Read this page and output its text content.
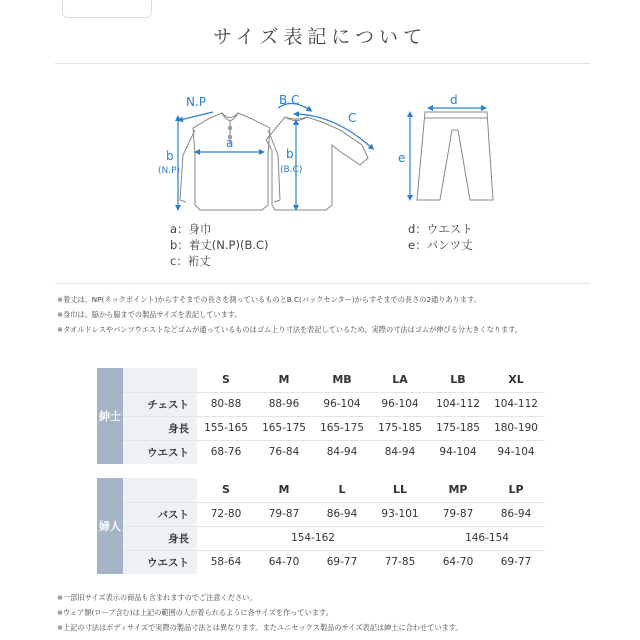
サイズ表記について
N.P
a
b
(N.P)
B.C
b
(B.C)
C
d
e
a：身巾
b：着丈(N.P)(B.C)
c：裄丈
d：ウエスト
e：パンツ丈
※着丈は、NP(ネックポイント)からすそまでの長さを測っているものとB.C(バックセンター)からすそまでの長さの2通りあります。
※身巾は、脇から脇までの製品サイズを表記しています。
※タオルドレスやパンツウエストなどゴムが通っているものはゴム上り寸法を表記しているため、実際の寸法はゴムが伸びる分大きくなります。
紳士		S	M	MB	LA	LB	XL
	チェスト	80-88	88-96	96-104	96-104	104-112	104-112
	身長	155-165	165-175	165-175	175-185	175-185	180-190
	ウエスト	68-76	76-84	84-94	84-94	94-104	94-104
婦人		S	M	L	LL	MP	LP
	バスト	72-80	79-87	86-94	93-101	79-87	86-94
	身長	154-162				146-154	
	ウエスト	58-64	64-70	69-77	77-85	64-70	69-77
※一部旧サイズ表示の商品も含まれますのでご注意ください。
※ウェア類(ローブ含む)は上記の範囲の人が着られるように各サイズを作っています。
※上記の寸法はボディサイズで実際の製品寸法とは異なります。またユニセックス製品のサイズ表記は紳士に合わせています。
